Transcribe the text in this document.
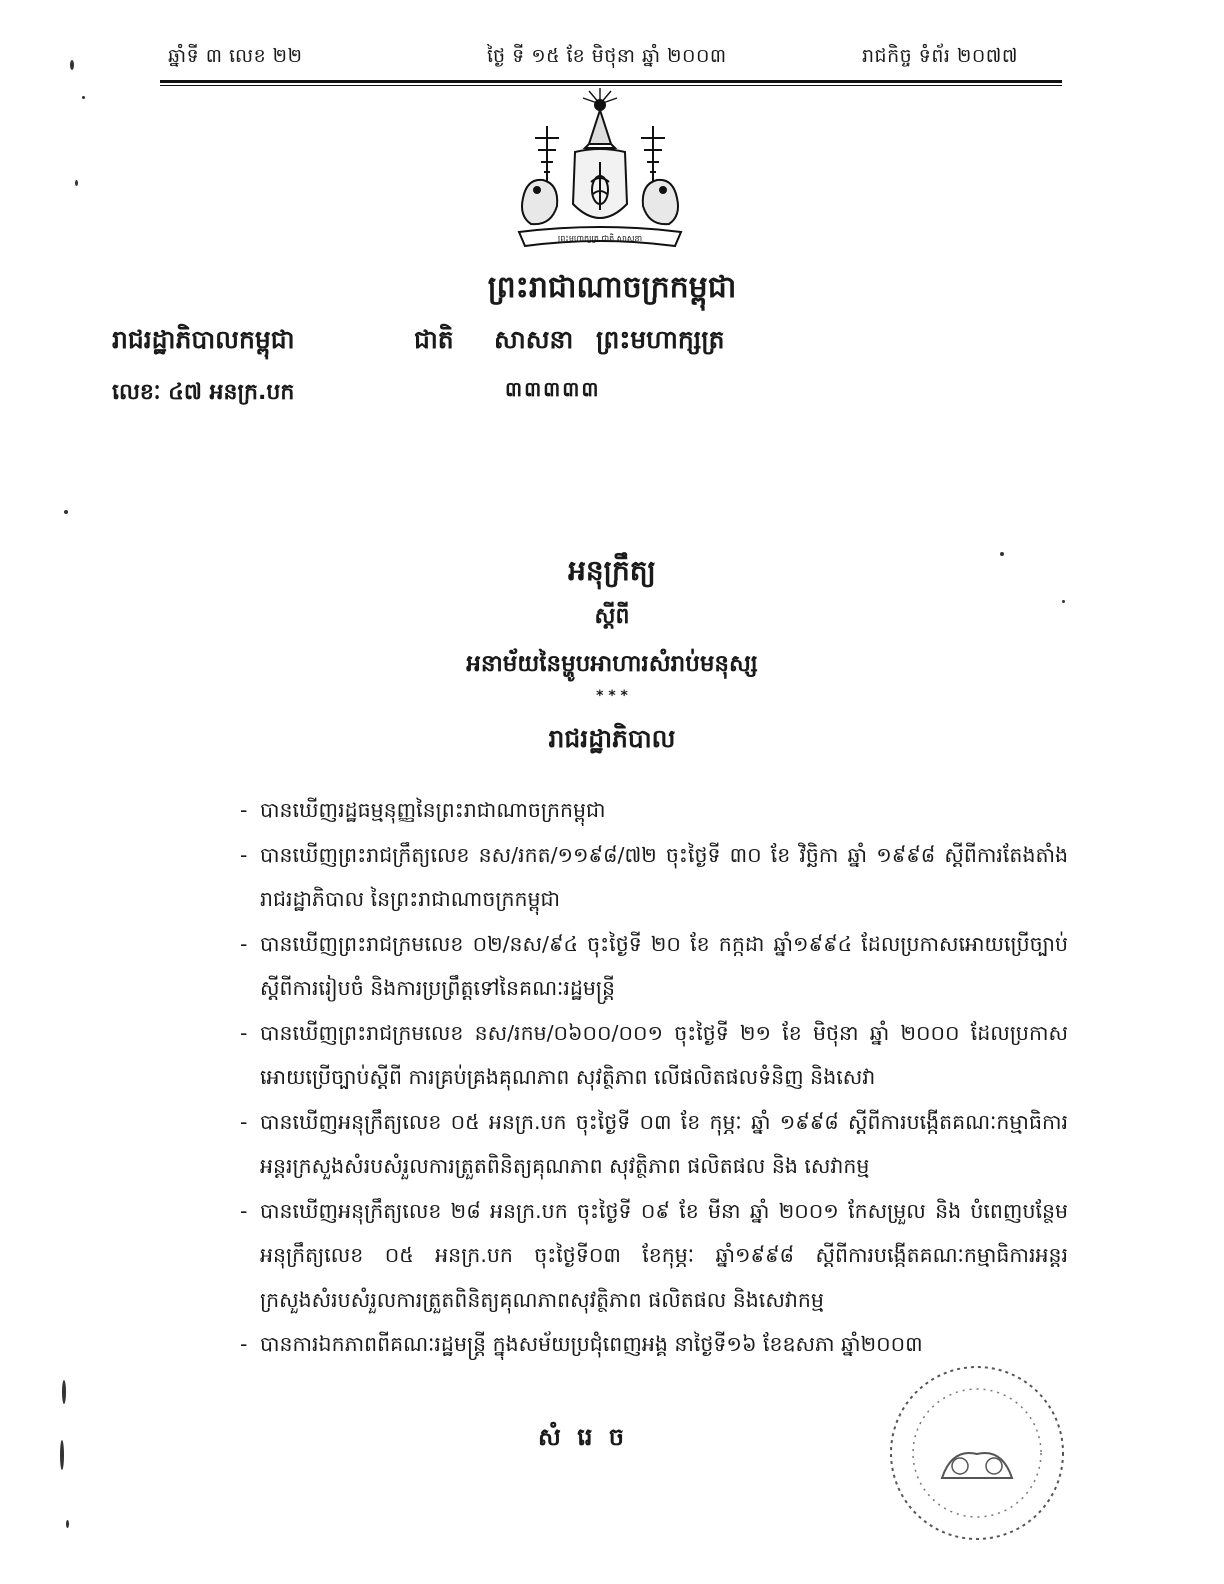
ឆ្នាំទី ៣ លេខ ២២	ថ្ងៃ ទី ១៥ ខែ មិថុនា ឆ្នាំ ២០០៣	រាជកិច្ច ទំព័រ ២០៧៧
ព្រះមហាក្សត្រ ជាតិ សាសនា
ព្រះរាជាណាចក្រកម្ពុជា
រាជរដ្ឋាភិបាលកម្ពុជា	ជាតិ សាសនា ព្រះមហាក្សត្រ
លេខៈ ៤៧ អនក្រ.បក	៣៣៣៣៣
អនុក្រឹត្យ
ស្តីពី
អនាម័យនៃម្ហូបអាហារសំរាប់មនុស្ស
* * *
រាជរដ្ឋាភិបាល

- បានឃើញរដ្ឋធម្មនុញ្ញនៃព្រះរាជាណាចក្រកម្ពុជា

- បានឃើញព្រះរាជក្រឹត្យលេខ នស/រកត/១១៩៨/៧២ ចុះថ្ងៃទី ៣០ ខែ វិច្ឆិកា ឆ្នាំ ១៩៩៨ ស្តីពីការតែងតាំងរាជរដ្ឋាភិបាល នៃព្រះរាជាណាចក្រកម្ពុជា

- បានឃើញព្រះរាជក្រមលេខ ០២/នស/៩៤ ចុះថ្ងៃទី ២០ ខែ កក្កដា ឆ្នាំ១៩៩៤ ដែលប្រកាសអោយប្រើច្បាប់ស្តីពីការរៀបចំ និងការប្រព្រឹត្តទៅនៃគណៈរដ្ឋមន្ត្រី

- បានឃើញព្រះរាជក្រមលេខ នស/រកម/០៦០០/០០១ ចុះថ្ងៃទី ២១ ខែ មិថុនា ឆ្នាំ ២០០០ ដែលប្រកាសអោយប្រើច្បាប់ស្តីពី ការគ្រប់គ្រងគុណភាព សុវត្ថិភាព លើផលិតផលទំនិញ និងសេវា

- បានឃើញអនុក្រឹត្យលេខ ០៥ អនក្រ.បក ចុះថ្ងៃទី ០៣ ខែ កុម្ភៈ ឆ្នាំ ១៩៩៨ ស្តីពីការបង្កើតគណៈកម្មាធិការអន្តរក្រសួងសំរបសំរួលការត្រួតពិនិត្យគុណភាព សុវត្ថិភាព ផលិតផល និង សេវាកម្ម

- បានឃើញអនុក្រឹត្យលេខ ២៨ អនក្រ.បក ចុះថ្ងៃទី ០៩ ខែ មីនា ឆ្នាំ ២០០១ កែសម្រួល និង បំពេញបន្ថែមអនុក្រឹត្យលេខ ០៥ អនក្រ.បក ចុះថ្ងៃទី០៣ ខែកុម្ភៈ ឆ្នាំ១៩៩៨ ស្តីពីការបង្កើតគណៈកម្មាធិការអន្តរក្រសួងសំរបសំរួលការត្រួតពិនិត្យគុណភាពសុវត្ថិភាព ផលិតផល និងសេវាកម្ម

- បានការឯកភាពពីគណៈរដ្ឋមន្ត្រី ក្នុងសម័យប្រជុំពេញអង្គ នាថ្ងៃទី១៦ ខែឧសភា ឆ្នាំ២០០៣

សំ រេ ច
